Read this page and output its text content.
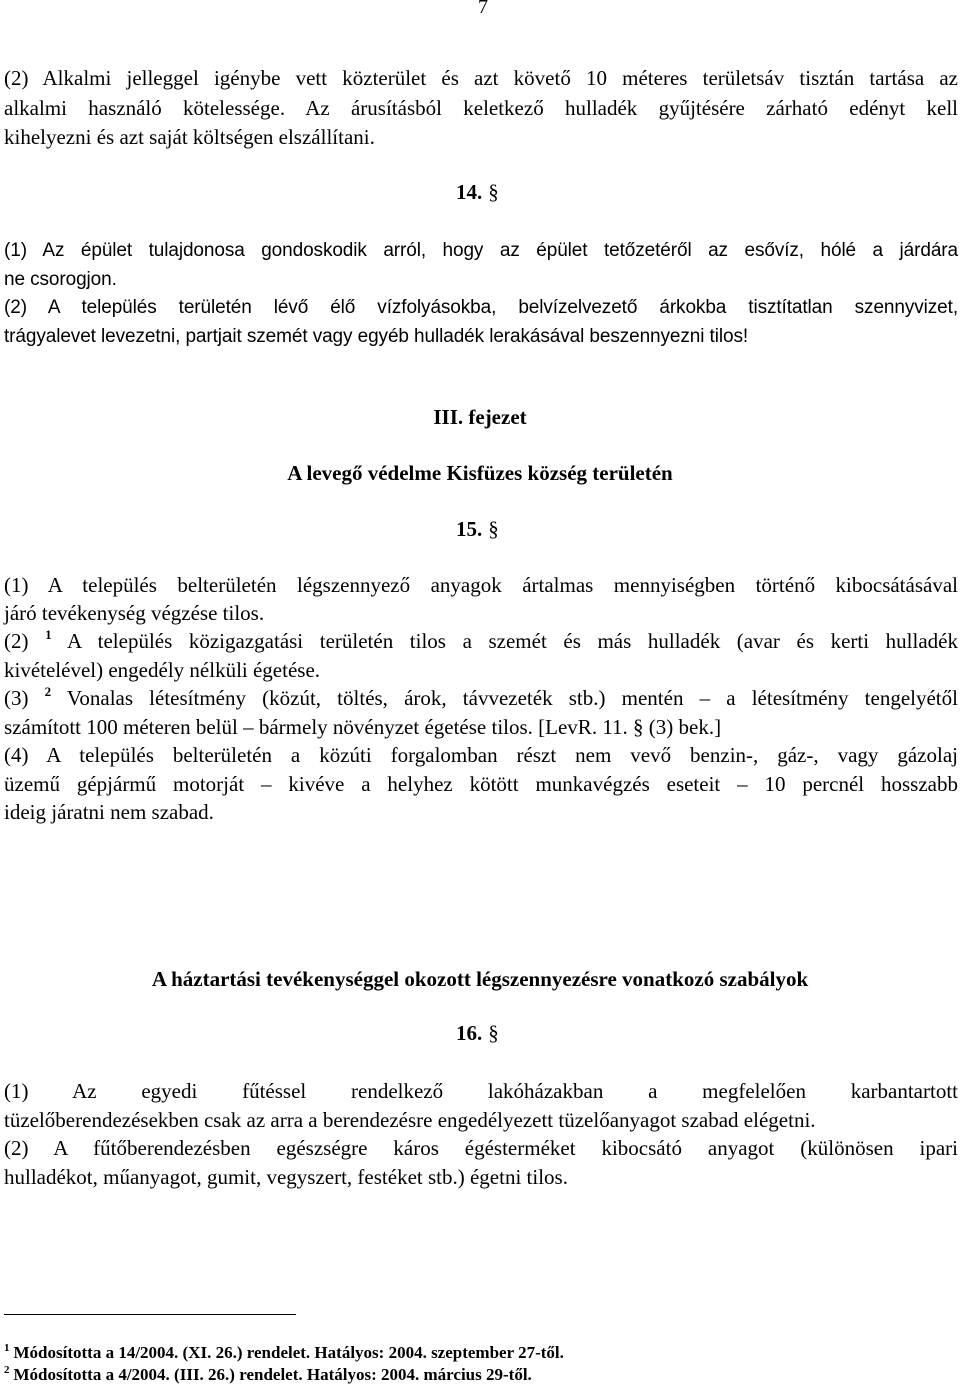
7

(2) Alkalmi jelleggel igénybe vett közterület és azt követő 10 méteres területsáv tisztán tartása az

alkalmi használó kötelessége. Az árusításból keletkező hulladék gyűjtésére zárható edényt kell

kihelyezni és azt saját költségen elszállítani.

14. §

(1) Az épület tulajdonosa gondoskodik arról, hogy az épület tetőzetéről az esővíz, hólé a járdára

ne csorogjon.

(2) A település területén lévő élő vízfolyásokba, belvízelvezető árkokba tisztítatlan szennyvizet,

trágyalevet levezetni, partjait szemét vagy egyéb hulladék lerakásával beszennyezni tilos!

III. fejezet

A levegő védelme Kisfüzes község területén

15. §

(1) A település belterületén légszennyező anyagok ártalmas mennyiségben történő kibocsátásával

járó tevékenység végzése tilos.

(2) $^1$ A település közigazgatási területén tilos a szemét és más hulladék (avar és kerti hulladék

kivételével) engedély nélküli égetése.

(3) $^2$ Vonalas létesítmény (közút, töltés, árok, távvezeték stb.) mentén – a létesítmény tengelyétől

számított 100 méteren belül – bármely növényzet égetése tilos. [LevR. 11. § (3) bek.]

(4) A település belterületén a közúti forgalomban részt nem vevő benzin-, gáz-, vagy gázolaj

üzemű gépjármű motorját – kivéve a helyhez kötött munkavégzés eseteit – 10 percnél hosszabb

ideig járatni nem szabad.

A háztartási tevékenységgel okozott légszennyezésre vonatkozó szabályok

16. §

(1) Az egyedi fűtéssel rendelkező lakóházakban a megfelelően karbantartott

tüzelőberendezésekben csak az arra a berendezésre engedélyezett tüzelőanyagot szabad elégetni.

(2) A fűtőberendezésben egészségre káros égésterméket kibocsátó anyagot (különösen ipari

hulladékot, műanyagot, gumit, vegyszert, festéket stb.) égetni tilos.

$^1$ Módosította a 14/2004. (XI. 26.) rendelet. Hatályos: 2004. szeptember 27-től.
$^2$ Módosította a 4/2004. (III. 26.) rendelet. Hatályos: 2004. március 29-től.
